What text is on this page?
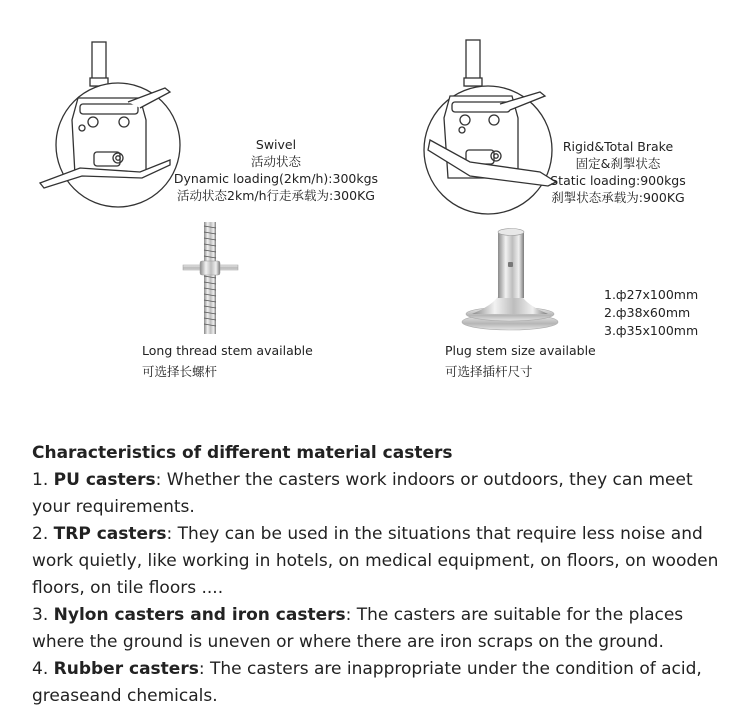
Swivel
活动状态
Dynamic loading(2km/h):300kgs
活动状态2km/h行走承载为:300KG
Rigid&Total Brake
固定&刹掣状态
Static loading:900kgs
刹掣状态承载为:900KG
Long thread stem available
可选择长螺杆
Plug stem size available
可选择插杆尺寸
1.ф27x100mm
2.ф38x60mm
3.ф35x100mm
Characteristics of different material casters

1. PU casters: Whether the casters work indoors or outdoors, they can meet your requirements.

2. TRP casters: They can be used in the situations that require less noise and work quietly, like working in hotels, on medical equipment, on floors, on wooden floors, on tile floors ....

3. Nylon casters and iron casters: The casters are suitable for the places where the ground is uneven or where there are iron scraps on the ground.

4. Rubber casters: The casters are inappropriate under the condition of acid, greaseand chemicals.
